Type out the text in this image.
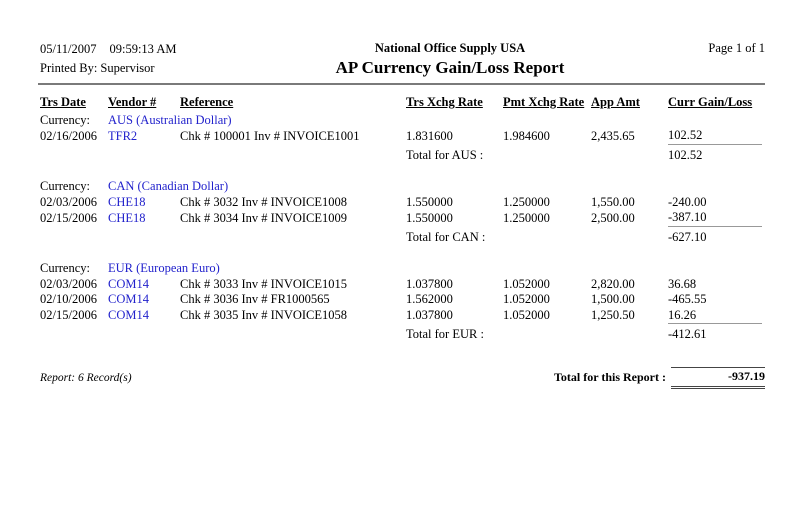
05/11/2007 09:59:13 AM
Printed By: Supervisor
National Office Supply USA
AP Currency Gain/Loss Report
Page 1 of 1
Trs Date	Vendor #	Reference	Trs Xchg Rate	Pmt Xchg Rate	App Amt	Curr Gain/Loss
Currency:	AUS (Australian Dollar)					
02/16/2006	TFR2	Chk # 100001 Inv # INVOICE1001	1.831600	1.984600	2,435.65	102.52
			Total for AUS :			102.52

Currency:	CAN (Canadian Dollar)					
02/03/2006	CHE18	Chk # 3032 Inv # INVOICE1008	1.550000	1.250000	1,550.00	-240.00
02/15/2006	CHE18	Chk # 3034 Inv # INVOICE1009	1.550000	1.250000	2,500.00	-387.10
			Total for CAN :			-627.10

Currency:	EUR (European Euro)					
02/03/2006	COM14	Chk # 3033 Inv # INVOICE1015	1.037800	1.052000	2,820.00	36.68
02/10/2006	COM14	Chk # 3036 Inv # FR1000565	1.562000	1.052000	1,500.00	-465.55
02/15/2006	COM14	Chk # 3035 Inv # INVOICE1058	1.037800	1.052000	1,250.50	16.26
			Total for EUR :			-412.61
Report: 6 Record(s)	Total for this Report :	-937.19
